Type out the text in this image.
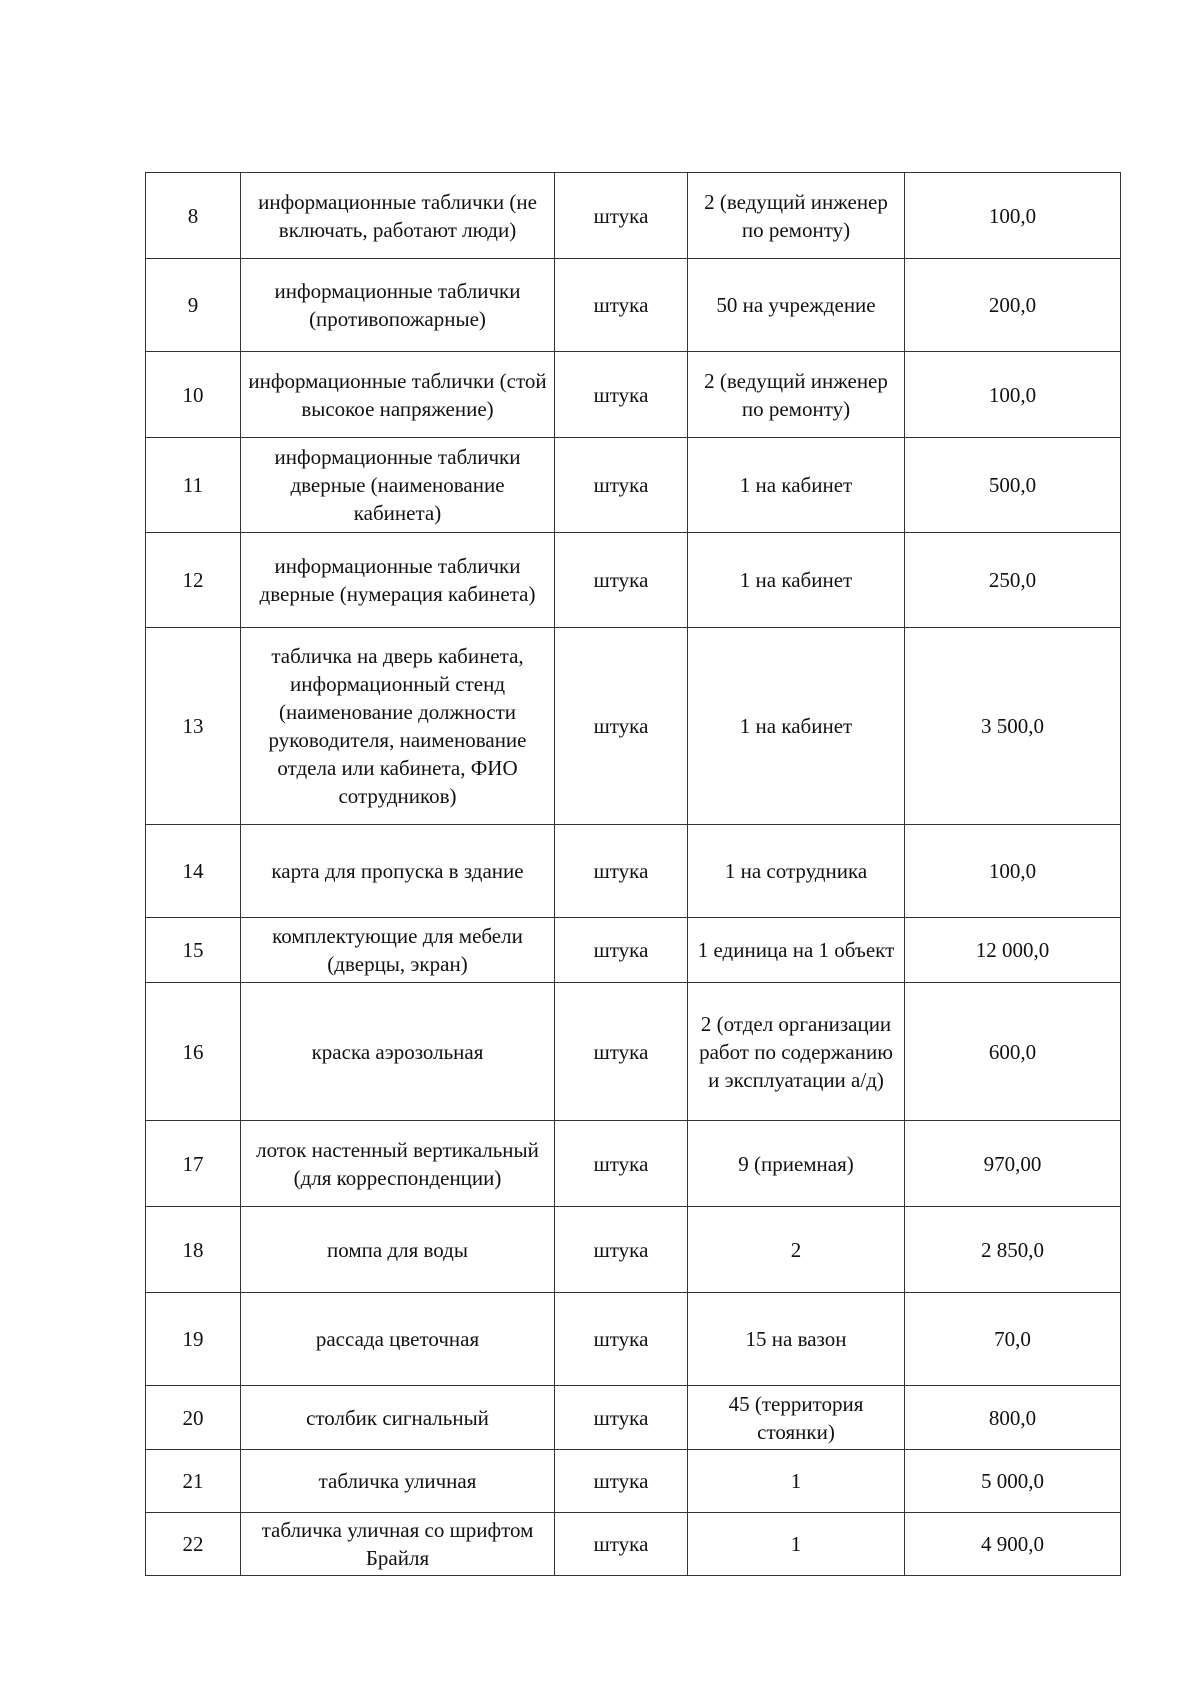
8	информационные таблички (не включать, работают люди)	штука	2 (ведущий инженер по ремонту)	100,0
9	информационные таблички (противопожарные)	штука	50 на учреждение	200,0
10	информационные таблички (стой высокое напряжение)	штука	2 (ведущий инженер по ремонту)	100,0
11	информационные таблички дверные (наименование кабинета)	штука	1 на кабинет	500,0
12	информационные таблички дверные (нумерация кабинета)	штука	1 на кабинет	250,0
13	табличка на дверь кабинета, информационный стенд (наименование должности руководителя, наименование отдела или кабинета, ФИО сотрудников)	штука	1 на кабинет	3 500,0
14	карта для пропуска в здание	штука	1 на сотрудника	100,0
15	комплектующие для мебели (дверцы, экран)	штука	1 единица на 1 объект	12 000,0
16	краска аэрозольная	штука	2 (отдел организации работ по содержанию и эксплуатации а/д)	600,0
17	лоток настенный вертикальный (для корреспонденции)	штука	9 (приемная)	970,00
18	помпа для воды	штука	2	2 850,0
19	рассада цветочная	штука	15 на вазон	70,0
20	столбик сигнальный	штука	45 (территория стоянки)	800,0
21	табличка уличная	штука	1	5 000,0
22	табличка уличная со шрифтом Брайля	штука	1	4 900,0
